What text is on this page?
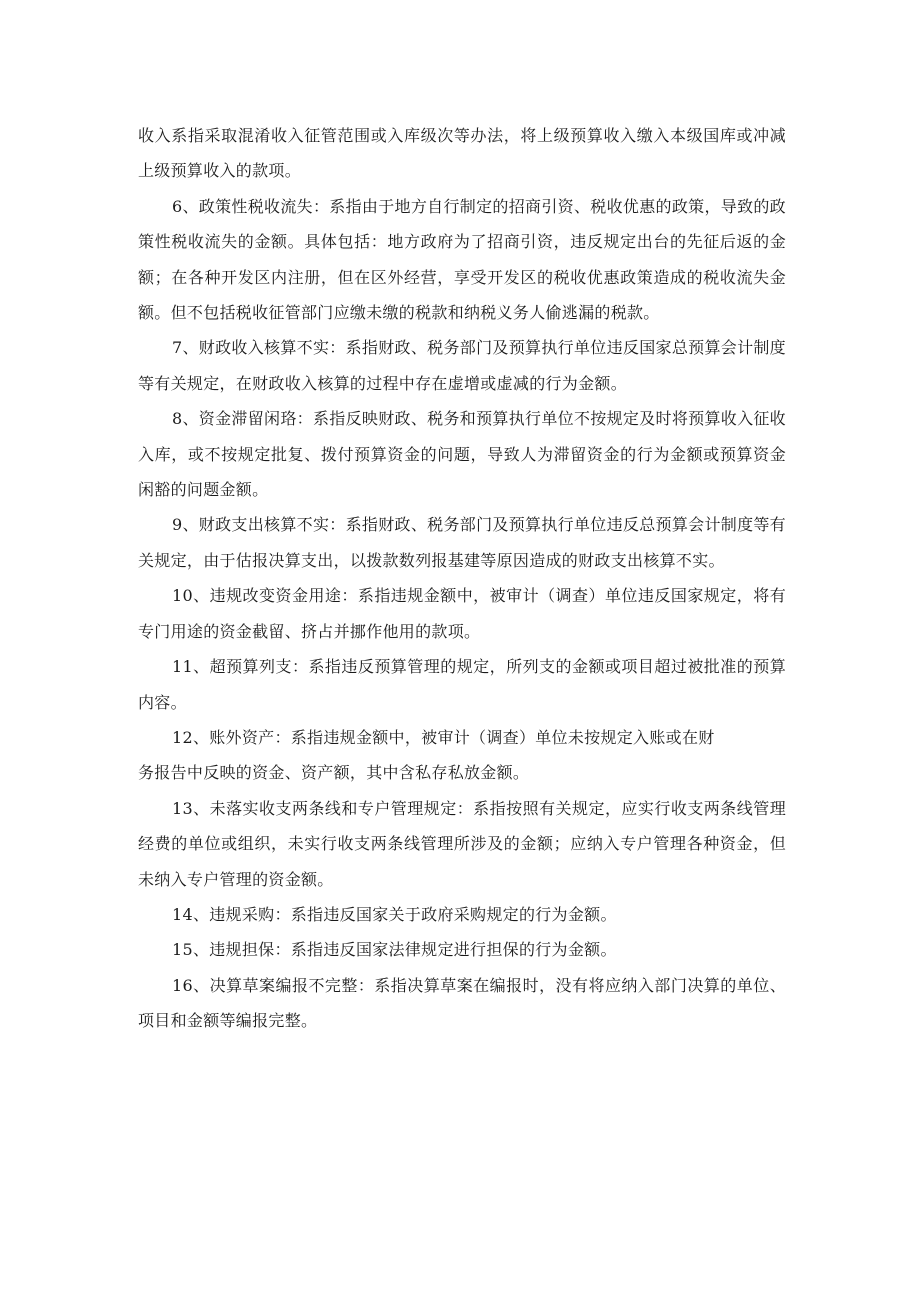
收入系指采取混淆收入征管范围或入库级次等办法，将上级预算收入缴入本级国库或冲减上级预算收入的款项。

6、政策性税收流失：系指由于地方自行制定的招商引资、税收优惠的政策，导致的政策性税收流失的金额。具体包括：地方政府为了招商引资，违反规定出台的先征后返的金额；在各种开发区内注册，但在区外经营，享受开发区的税收优惠政策造成的税收流失金额。但不包括税收征管部门应缴未缴的税款和纳税义务人偷逃漏的税款。

7、财政收入核算不实：系指财政、税务部门及预算执行单位违反国家总预算会计制度等有关规定，在财政收入核算的过程中存在虚增或虚减的行为金额。

8、资金滞留闲珞：系指反映财政、税务和预算执行单位不按规定及时将预算收入征收入库，或不按规定批复、拨付预算资金的问题，导致人为滞留资金的行为金额或预算资金闲豁的问题金额。

9、财政支出核算不实：系指财政、税务部门及预算执行单位违反总预算会计制度等有关规定，由于估报决算支出，以拨款数列报基建等原因造成的财政支出核算不实。

10、违规改变资金用途：系指违规金额中，被审计（调查）单位违反国家规定，将有专门用途的资金截留、挤占并挪作他用的款项。

11、超预算列支：系指违反预算管理的规定，所列支的金额或项目超过被批准的预算内容。

12、账外资产：系指违规金额中，被审计（调查）单位未按规定入账或在财

务报告中反映的资金、资产额，其中含私存私放金额。

13、未落实收支两条线和专户管理规定：系指按照有关规定，应实行收支两条线管理经费的单位或组织，未实行收支两条线管理所涉及的金额；应纳入专户管理各种资金，但未纳入专户管理的资金额。

14、违规采购：系指违反国家关于政府采购规定的行为金额。

15、违规担保：系指违反国家法律规定进行担保的行为金额。

16、决算草案编报不完整：系指决算草案在编报时，没有将应纳入部门决算的单位、项目和金额等编报完整。
